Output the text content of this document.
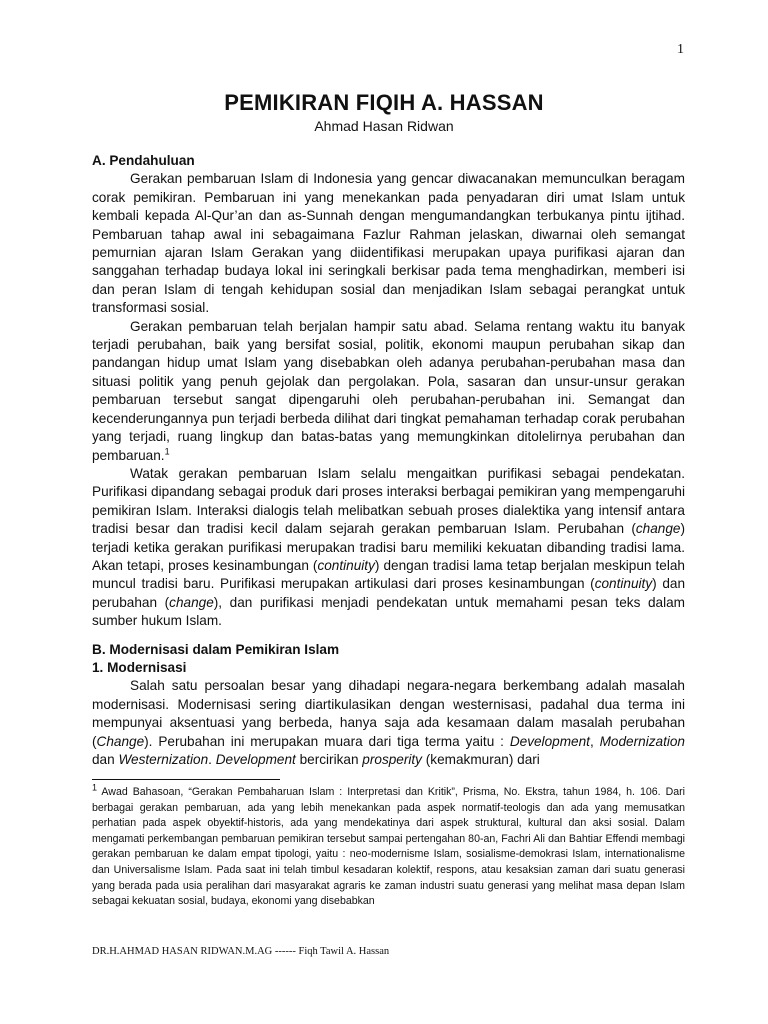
1
PEMIKIRAN FIQIH A. HASSAN
Ahmad Hasan Ridwan
A. Pendahuluan

Gerakan pembaruan Islam di Indonesia yang gencar diwacanakan memunculkan beragam corak pemikiran. Pembaruan ini yang menekankan pada penyadaran diri umat Islam untuk kembali kepada Al-Qur’an dan as-Sunnah dengan mengumandangkan terbukanya pintu ijtihad. Pembaruan tahap awal ini sebagaimana Fazlur Rahman jelaskan, diwarnai oleh semangat pemurnian ajaran Islam Gerakan yang diidentifikasi merupakan upaya purifikasi ajaran dan sanggahan terhadap budaya lokal ini seringkali berkisar pada tema menghadirkan, memberi isi dan peran Islam di tengah kehidupan sosial dan menjadikan Islam sebagai perangkat untuk transformasi sosial.

Gerakan pembaruan telah berjalan hampir satu abad. Selama rentang waktu itu banyak terjadi perubahan, baik yang bersifat sosial, politik, ekonomi maupun perubahan sikap dan pandangan hidup umat Islam yang disebabkan oleh adanya perubahan-perubahan masa dan situasi politik yang penuh gejolak dan pergolakan. Pola, sasaran dan unsur-unsur gerakan pembaruan tersebut sangat dipengaruhi oleh perubahan-perubahan ini. Semangat dan kecenderungannya pun terjadi berbeda dilihat dari tingkat pemahaman terhadap corak perubahan yang terjadi, ruang lingkup dan batas-batas yang memungkinkan ditolelirnya perubahan dan pembaruan.$^1$

Watak gerakan pembaruan Islam selalu mengaitkan purifikasi sebagai pendekatan. Purifikasi dipandang sebagai produk dari proses interaksi berbagai pemikiran yang mempengaruhi pemikiran Islam. Interaksi dialogis telah melibatkan sebuah proses dialektika yang intensif antara tradisi besar dan tradisi kecil dalam sejarah gerakan pembaruan Islam. Perubahan (change) terjadi ketika gerakan purifikasi merupakan tradisi baru memiliki kekuatan dibanding tradisi lama. Akan tetapi, proses kesinambungan (continuity) dengan tradisi lama tetap berjalan meskipun telah muncul tradisi baru. Purifikasi merupakan artikulasi dari proses kesinambungan (continuity) dan perubahan (change), dan purifikasi menjadi pendekatan untuk memahami pesan teks dalam sumber hukum Islam.

B. Modernisasi dalam Pemikiran Islam
1. Modernisasi

Salah satu persoalan besar yang dihadapi negara-negara berkembang adalah masalah modernisasi. Modernisasi sering diartikulasikan dengan westernisasi, padahal dua terma ini mempunyai aksentuasi yang berbeda, hanya saja ada kesamaan dalam masalah perubahan (Change). Perubahan ini merupakan muara dari tiga terma yaitu : Development, Modernization dan Westernization. Development bercirikan prosperity (kemakmuran) dari

$^1$ Awad Bahasoan, “Gerakan Pembaharuan Islam : Interpretasi dan Kritik”, Prisma, No. Ekstra, tahun 1984, h. 106. Dari berbagai gerakan pembaruan, ada yang lebih menekankan pada aspek normatif-teologis dan ada yang memusatkan perhatian pada aspek obyektif-historis, ada yang mendekatinya dari aspek struktural, kultural dan aksi sosial. Dalam mengamati perkembangan pembaruan pemikiran tersebut sampai pertengahan 80-an, Fachri Ali dan Bahtiar Effendi membagi gerakan pembaruan ke dalam empat tipologi, yaitu : neo-modernisme Islam, sosialisme-demokrasi Islam, internationalisme dan Universalisme Islam. Pada saat ini telah timbul kesadaran kolektif, respons, atau kesaksian zaman dari suatu generasi yang berada pada usia peralihan dari masyarakat agraris ke zaman industri suatu generasi yang melihat masa depan Islam sebagai kekuatan sosial, budaya, ekonomi yang disebabkan
DR.H.AHMAD HASAN RIDWAN.M.AG ------ Fiqh Tawil A. Hassan
